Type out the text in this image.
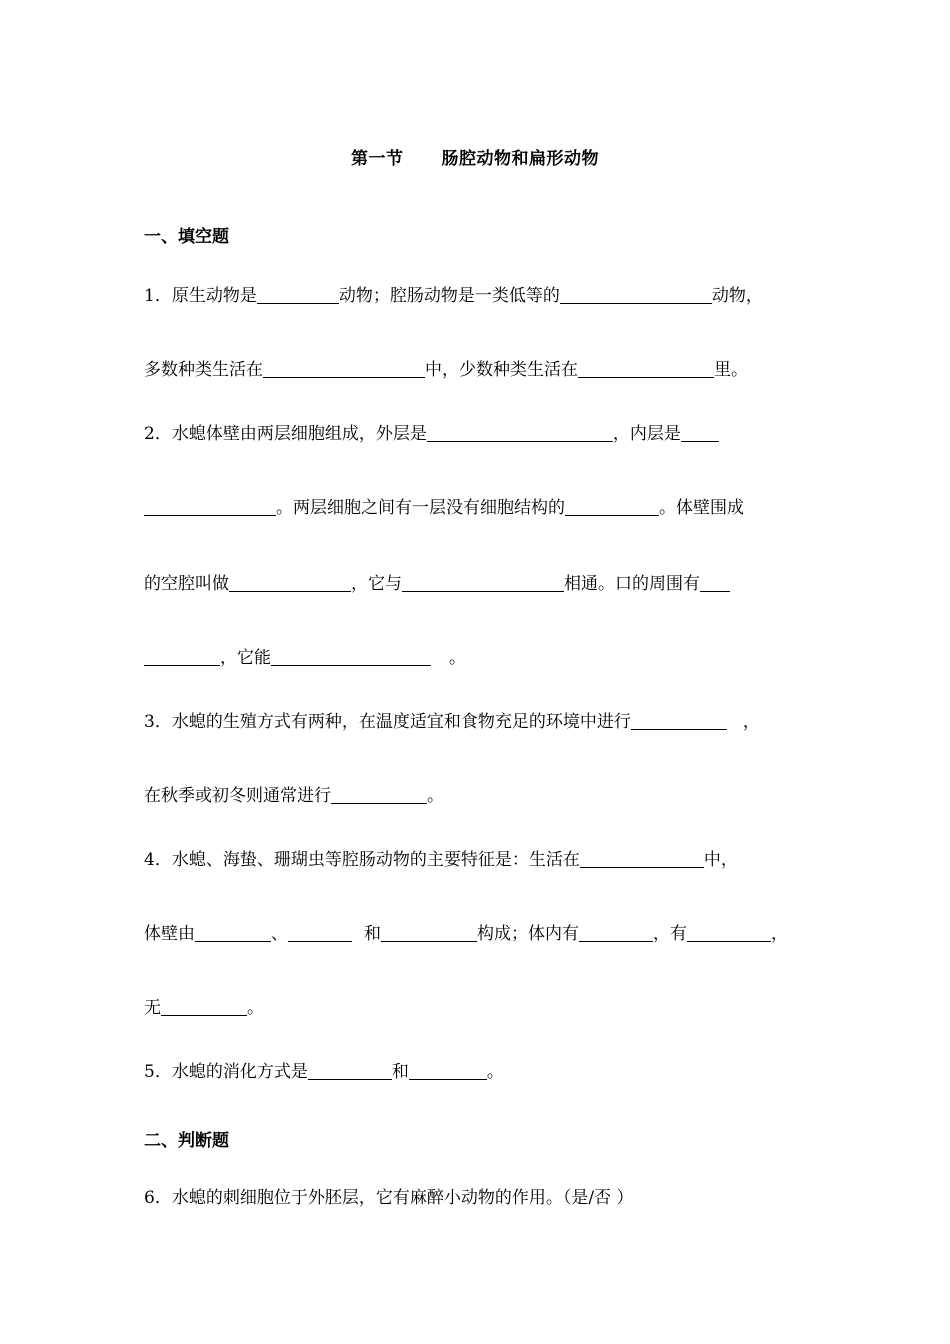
第一节 肠腔动物和扁形动物
一、填空题
1．原生动物是	动物；腔肠动物是一类低等的	动物，
多数种类生活在	中，少数种类生活在	里。
2．水螅体壁由两层细胞组成，外层是	，内层是
。两层细胞之间有一层没有细胞结构的	。体壁围成
的空腔叫做	，它与	相通。口的周围有
，它能	。
3．水螅的生殖方式有两种，在温度适宜和食物充足的环境中进行	，
在秋季或初冬则通常进行	。
4．水螅、海蛰、珊瑚虫等腔肠动物的主要特征是：生活在	中，
体壁由	、	和	构成；体内有	，有	，
无	。
5．水螅的消化方式是	和	。
二、判断题
6．水螅的刺细胞位于外胚层，它有麻醉小动物的作用。（是/否 ）
